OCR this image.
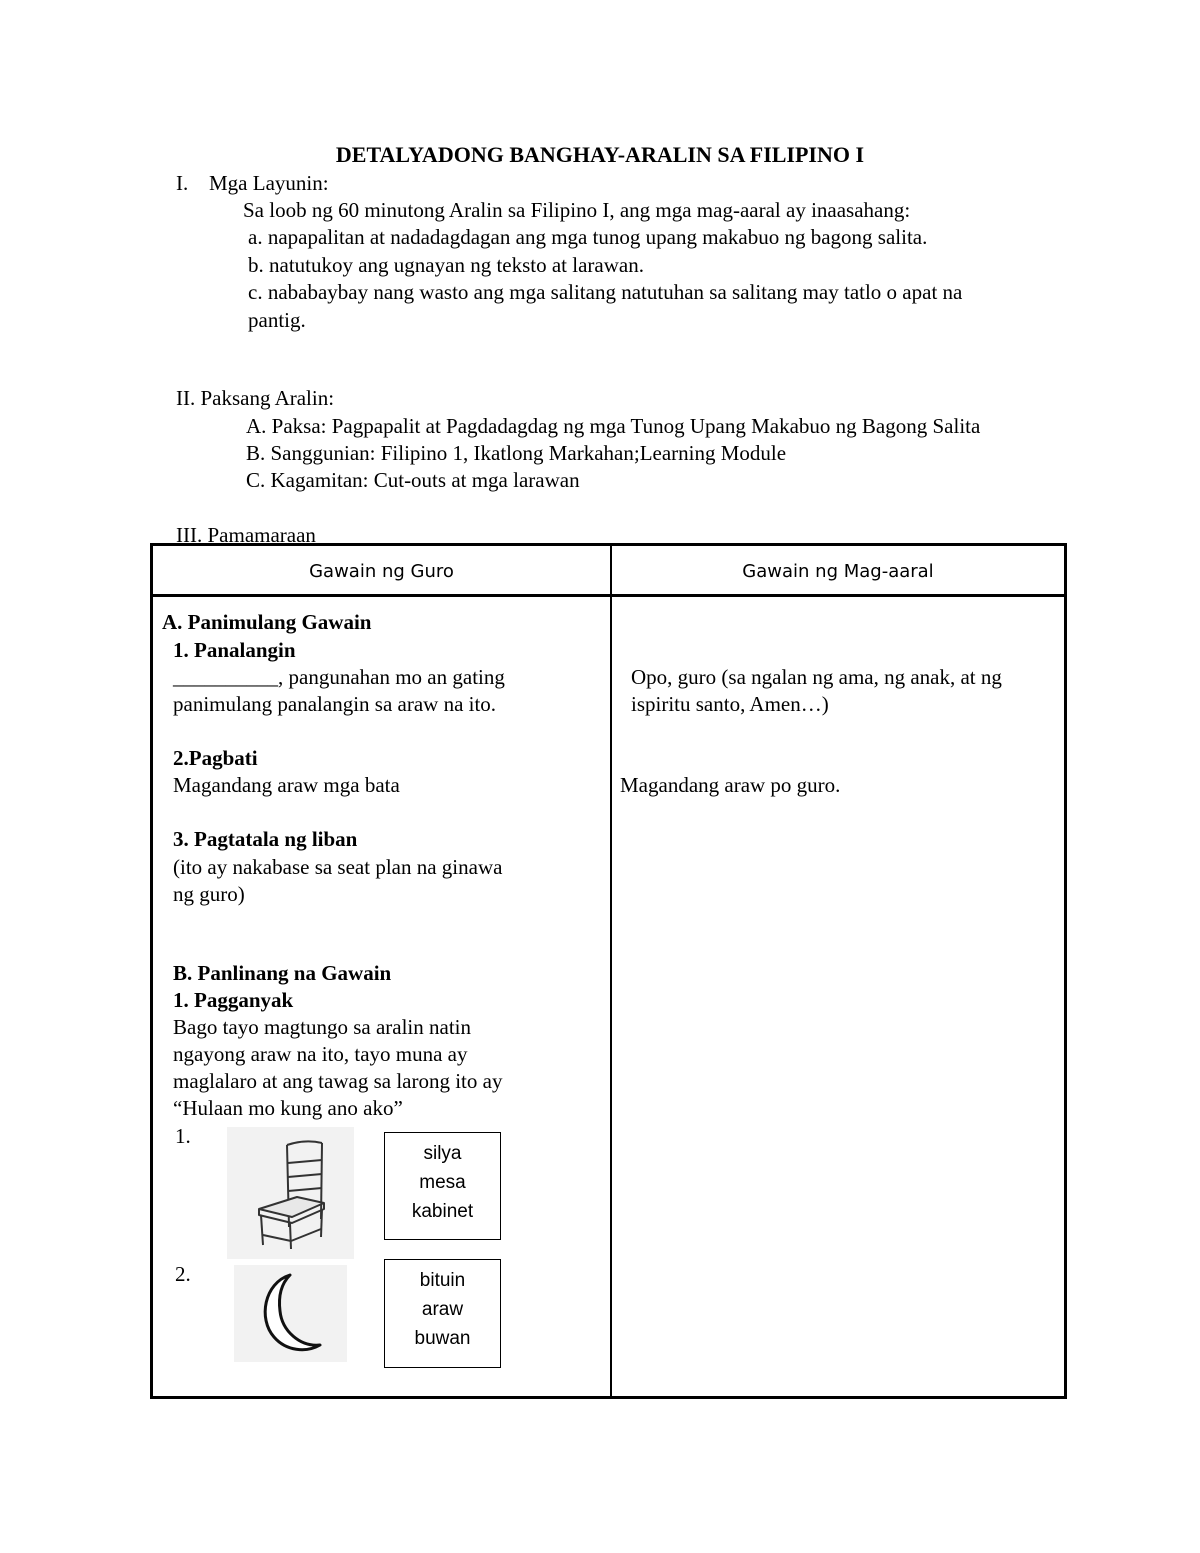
DETALYADONG BANGHAY-ARALIN SA FILIPINO I
I. Mga Layunin:
Sa loob ng 60 minutong Aralin sa Filipino I, ang mga mag-aaral ay inaasahang:
a. napapalitan at nadadagdagan ang mga tunog upang makabuo ng bagong salita.
b. natutukoy ang ugnayan ng teksto at larawan.
c. nababaybay nang wasto ang mga salitang natutuhan sa salitang may tatlo o apat na
pantig.
II. Paksang Aralin:
A. Paksa: Pagpapalit at Pagdadagdag ng mga Tunog Upang Makabuo ng Bagong Salita
B. Sanggunian: Filipino 1, Ikatlong Markahan;Learning Module
C. Kagamitan: Cut-outs at mga larawan
III. Pamamaraan
Gawain ng Guro	Gawain ng Mag-aaral
A. Panimulang Gawain
1. Panalangin
__________, pangunahan mo an gating
panimulang panalangin sa araw na ito.
2.Pagbati
Magandang araw mga bata
3. Pagtatala ng liban
(ito ay nakabase sa seat plan na ginawa
ng guro)
B. Panlinang na Gawain
1. Pagganyak
Bago tayo magtungo sa aralin natin
ngayong araw na ito, tayo muna ay
maglalaro at ang tawag sa larong ito ay
“Hulaan mo kung ano ako”
1.
silya
mesa
kabinet
2.	bituin
araw
buwan
Opo, guro (sa ngalan ng ama, ng anak, at ng
ispiritu santo, Amen…)
Magandang araw po guro.
